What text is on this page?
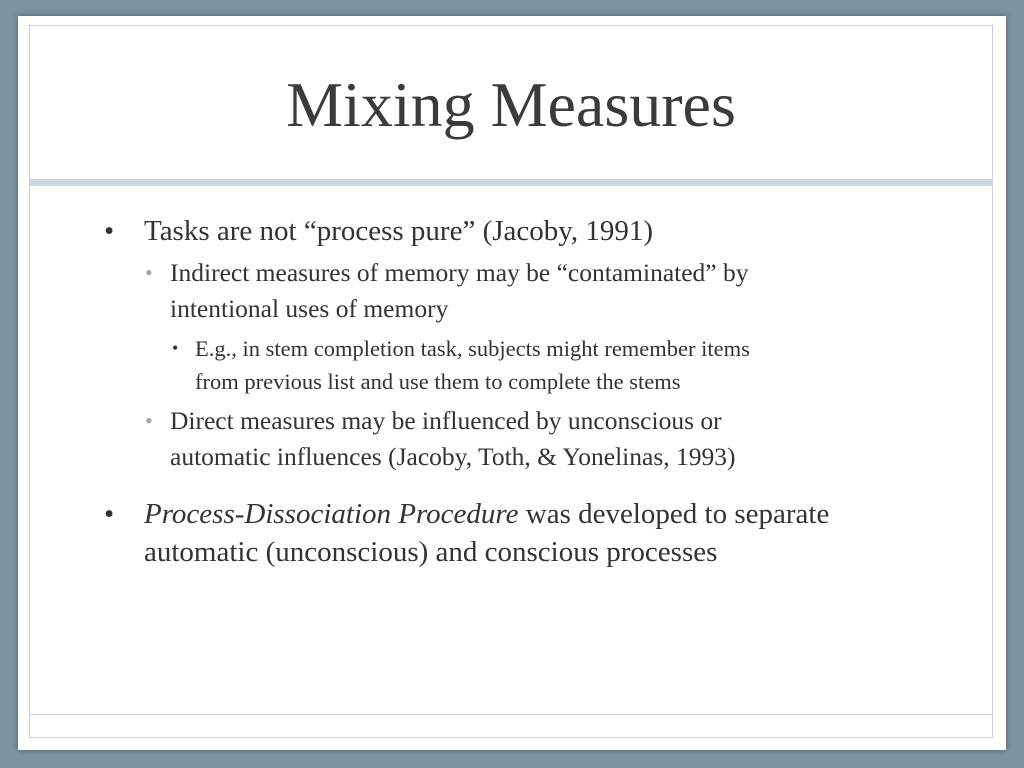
Mixing Measures
• Tasks are not “process pure” (Jacoby, 1991)
• Indirect measures of memory may be “contaminated” by
intentional uses of memory
• E.g., in stem completion task, subjects might remember items
from previous list and use them to complete the stems
• Direct measures may be influenced by unconscious or
automatic influences (Jacoby, Toth, & Yonelinas, 1993)
• Process-Dissociation Procedure was developed to separate
automatic (unconscious) and conscious processes
